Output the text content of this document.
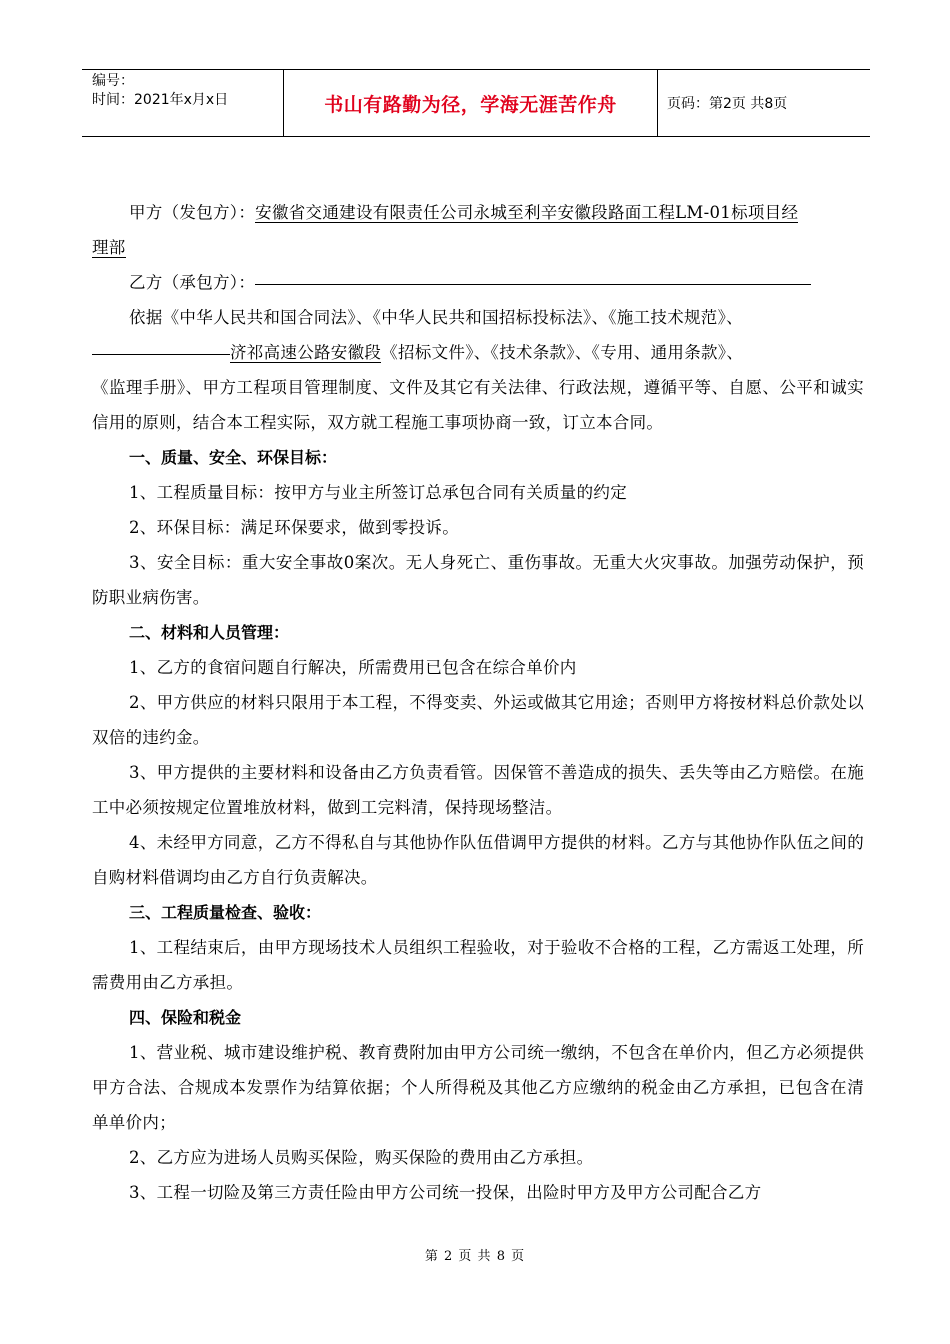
编号：
时间：2021年x月x日	书山有路勤为径，学海无涯苦作舟	页码：第2页 共8页

甲方（发包方）：安徽省交通建设有限责任公司永城至利辛安徽段路面工程LM-01标项目经

理部

乙方（承包方）：

依据《中华人民共和国合同法》、《中华人民共和国招标投标法》、《施工技术规范》、

济祁高速公路安徽段《招标文件》、《技术条款》、《专用、通用条款》、

《监理手册》、甲方工程项目管理制度、文件及其它有关法律、行政法规，遵循平等、自愿、公平和诚实信用的原则，结合本工程实际，双方就工程施工事项协商一致，订立本合同。

一、质量、安全、环保目标：

1、工程质量目标：按甲方与业主所签订总承包合同有关质量的约定

2、环保目标：满足环保要求，做到零投诉。

3、安全目标：重大安全事故0案次。无人身死亡、重伤事故。无重大火灾事故。加强劳动保护，预防职业病伤害。

二、材料和人员管理：

1、乙方的食宿问题自行解决，所需费用已包含在综合单价内

2、甲方供应的材料只限用于本工程，不得变卖、外运或做其它用途；否则甲方将按材料总价款处以双倍的违约金。

3、甲方提供的主要材料和设备由乙方负责看管。因保管不善造成的损失、丢失等由乙方赔偿。在施工中必须按规定位置堆放材料，做到工完料清，保持现场整洁。

4、未经甲方同意，乙方不得私自与其他协作队伍借调甲方提供的材料。乙方与其他协作队伍之间的自购材料借调均由乙方自行负责解决。

三、工程质量检查、验收：

1、工程结束后，由甲方现场技术人员组织工程验收，对于验收不合格的工程，乙方需返工处理，所需费用由乙方承担。

四、保险和税金

1、营业税、城市建设维护税、教育费附加由甲方公司统一缴纳，不包含在单价内，但乙方必须提供甲方合法、合规成本发票作为结算依据；个人所得税及其他乙方应缴纳的税金由乙方承担，已包含在清单单价内；

2、乙方应为进场人员购买保险，购买保险的费用由乙方承担。

3、工程一切险及第三方责任险由甲方公司统一投保，出险时甲方及甲方公司配合乙方

第 2 页 共 8 页
